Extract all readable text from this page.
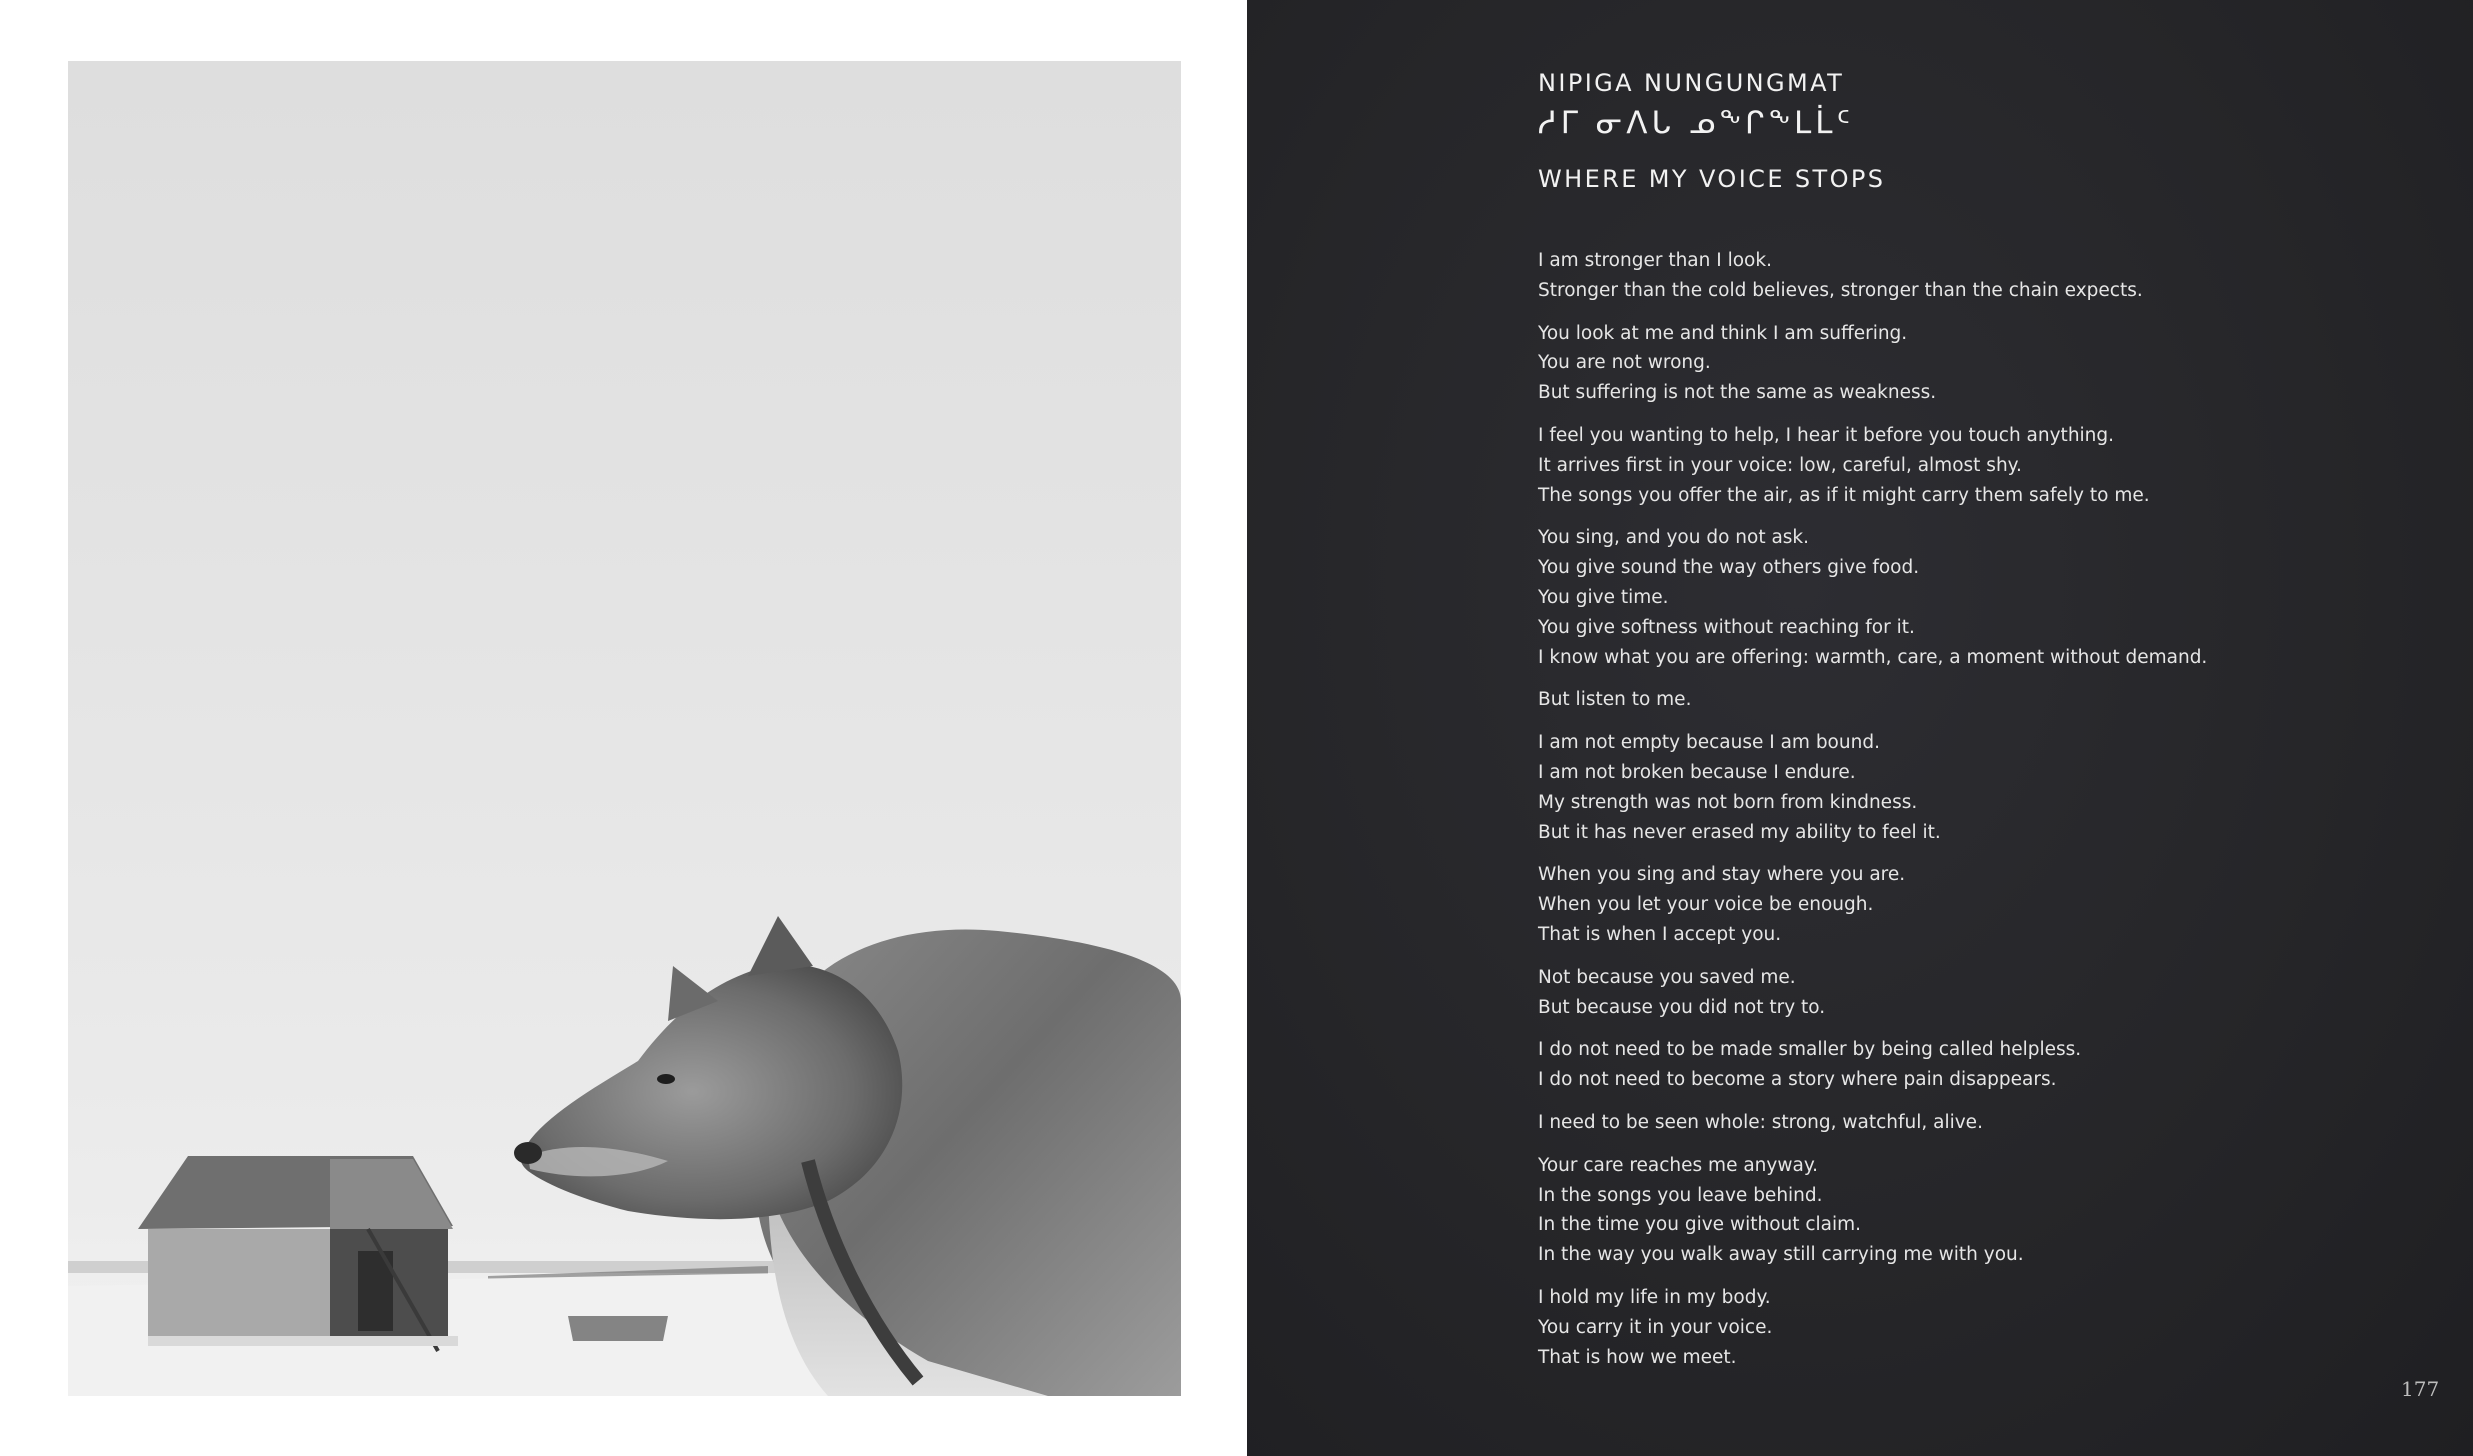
NIPIGA NUNGUNGMAT
ᓱᒥ ᓂᐱᒐ ᓄᖕᒋᖕᒪᒫᑦ
WHERE MY VOICE STOPS
I am stronger than I look.
Stronger than the cold believes, stronger than the chain expects.
You look at me and think I am suffering.
You are not wrong.
But suffering is not the same as weakness.
I feel you wanting to help, I hear it before you touch anything.
It arrives first in your voice: low, careful, almost shy.
The songs you offer the air, as if it might carry them safely to me.
You sing, and you do not ask.
You give sound the way others give food.
You give time.
You give softness without reaching for it.
I know what you are offering: warmth, care, a moment without demand.
But listen to me.
I am not empty because I am bound.
I am not broken because I endure.
My strength was not born from kindness.
But it has never erased my ability to feel it.
When you sing and stay where you are.
When you let your voice be enough.
That is when I accept you.
Not because you saved me.
But because you did not try to.
I do not need to be made smaller by being called helpless.
I do not need to become a story where pain disappears.
I need to be seen whole: strong, watchful, alive.
Your care reaches me anyway.
In the songs you leave behind.
In the time you give without claim.
In the way you walk away still carrying me with you.
I hold my life in my body.
You carry it in your voice.
That is how we meet.
177
